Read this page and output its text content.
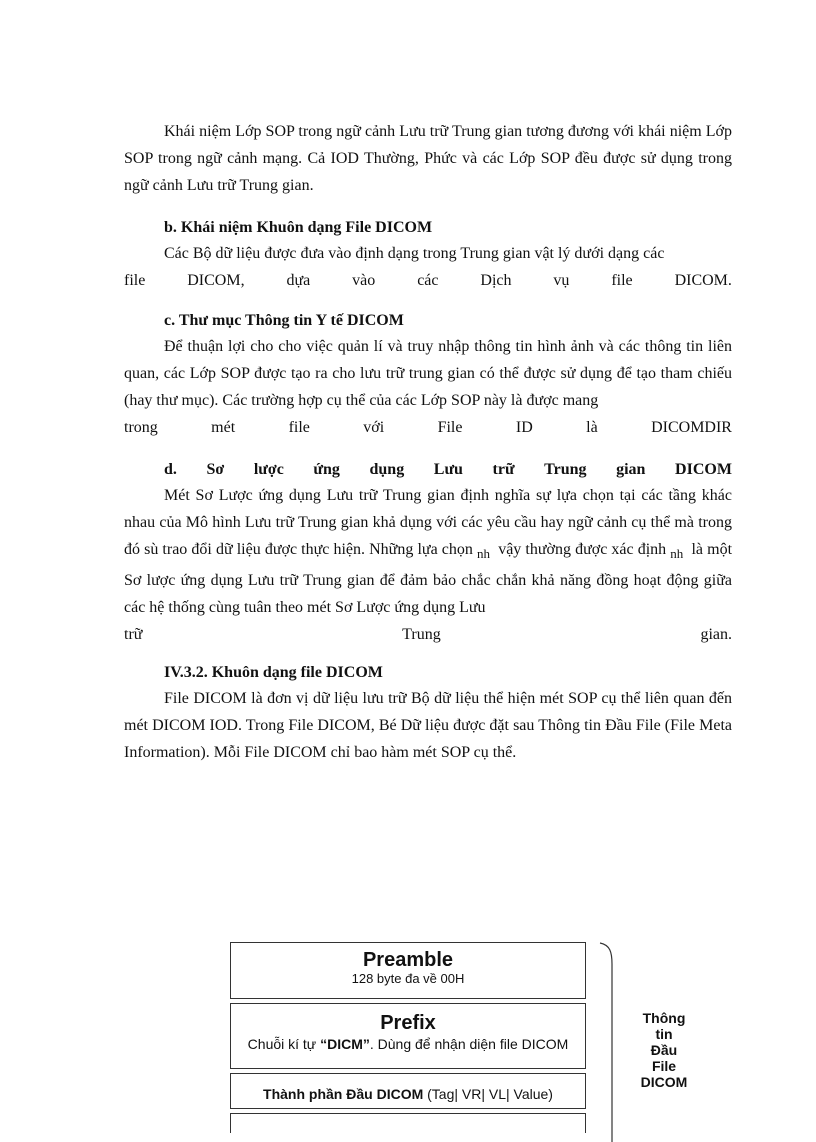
Khái niệm Lớp SOP trong ngữ cảnh Lưu trữ Trung gian tương đương với khái niệm Lớp SOP trong ngữ cảnh mạng. Cả IOD Thường, Phức và các Lớp SOP đều được sử dụng trong ngữ cảnh Lưu trữ Trung gian.

b. Khái niệm Khuôn dạng File DICOM

Các Bộ dữ liệu được đưa vào định dạng trong Trung gian vật lý dưới dạng các
file	DICOM,	dựa	vào	các	Dịch	vụ	file	DICOM.

c. Thư mục Thông tin Y tế DICOM

Để thuận lợi cho cho việc quản lí và truy nhập thông tin hình ảnh và các thông tin liên quan, các Lớp SOP được tạo ra cho lưu trữ trung gian có thể được sử dụng để tạo tham chiếu (hay thư mục). Các trường hợp cụ thể của các Lớp SOP này là được mang
trong	mét	file	với	File	ID	là	DICOMDIR
d. Sơ lược ứng dụng Lưu trữ Trung gian DICOM
Mét Sơ Lược ứng dụng Lưu trữ Trung gian định nghĩa sự lựa chọn tại các tầng khác nhau của Mô hình Lưu trữ Trung gian khả dụng với các yêu cầu hay ngữ cảnh cụ thể mà trong đó sù trao đổi dữ liệu được thực hiện. Những lựa chọn $_{nh}$ vậy thường được xác định $_{nh}$ là một Sơ lược ứng dụng Lưu trữ Trung gian để đảm bảo chắc chắn khả năng đồng hoạt động giữa các hệ thống cùng tuân theo mét Sơ Lược ứng dụng Lưu
trữ	Trung	gian.

IV.3.2. Khuôn dạng file DICOM

File DICOM là đơn vị dữ liệu lưu trữ Bộ dữ liệu thể hiện mét SOP cụ thể liên quan đến mét DICOM IOD. Trong File DICOM, Bé Dữ liệu được đặt sau Thông tin Đầu File (File Meta Information). Mỗi File DICOM chỉ bao hàm mét SOP cụ thể.

Preamble
128 byte đa về 00H
Prefix
Chuỗi kí tự “DICM”. Dùng để nhận diện file DICOM
Thành phần Đầu DICOM (Tag| VR| VL| Value)
Thông
tin
Đầu
File
DICOM
